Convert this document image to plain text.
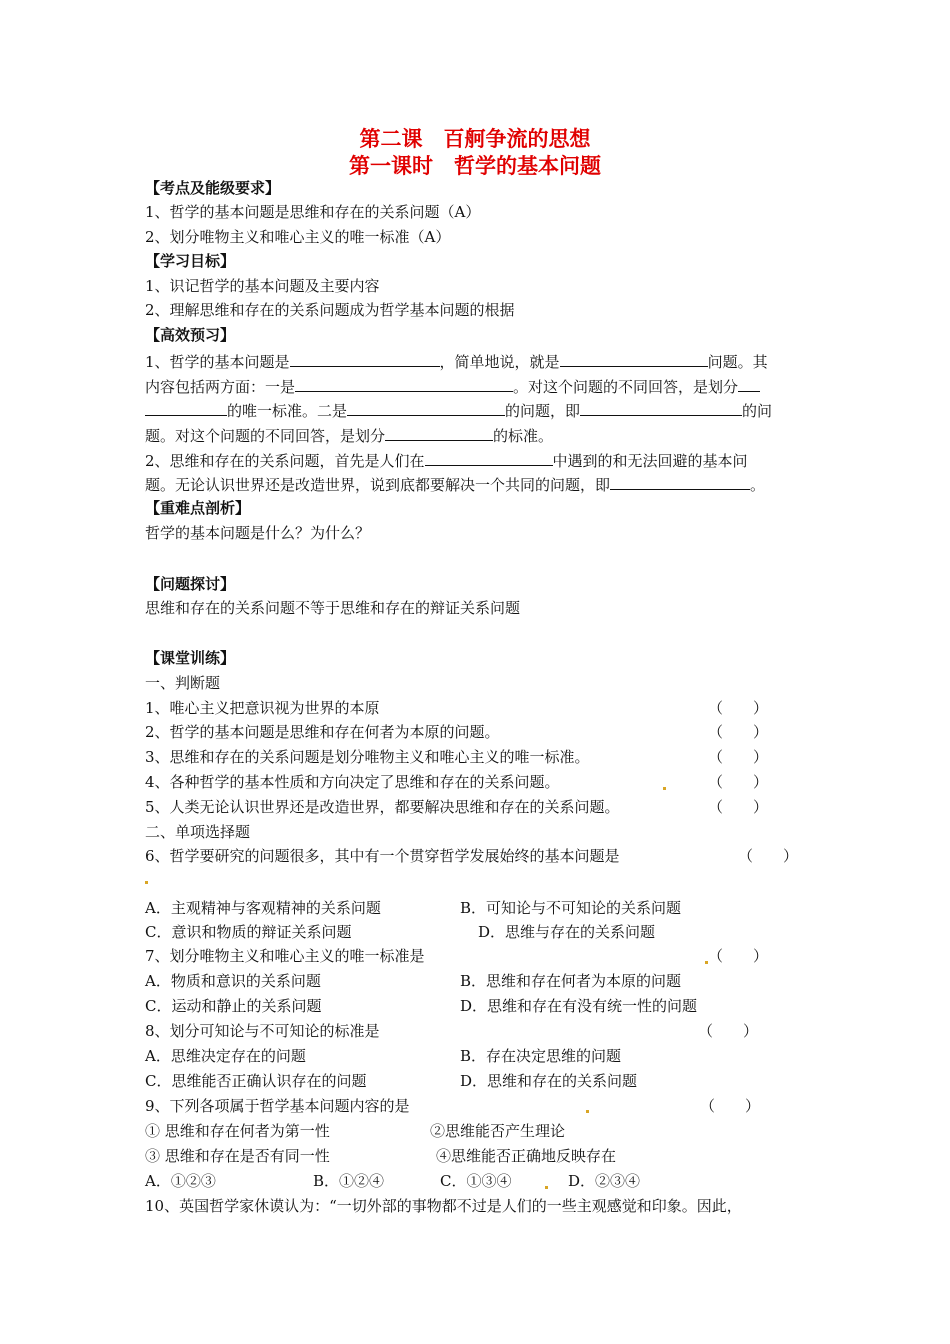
第二课　百舸争流的思想
第一课时　哲学的基本问题
【考点及能级要求】
1、哲学的基本问题是思维和存在的关系问题（A）
2、划分唯物主义和唯心主义的唯一标准（A）
【学习目标】
1、识记哲学的基本问题及主要内容
2、理解思维和存在的关系问题成为哲学基本问题的根据
【高效预习】
1、哲学的基本问题是	，简单地说，就是	问题。其
内容包括两方面：一是	。对这个问题的不同回答，是划分
的唯一标准。二是	的问题，即	的问
题。对这个问题的不同回答，是划分	的标准。
2、思维和存在的关系问题，首先是人们在	中遇到的和无法回避的基本问
题。无论认识世界还是改造世界，说到底都要解决一个共同的问题，即	。
【重难点剖析】
哲学的基本问题是什么？为什么？
【问题探讨】
思维和存在的关系问题不等于思维和存在的辩证关系问题
【课堂训练】
一、判断题
1、唯心主义把意识视为世界的本原	（　　）
2、哲学的基本问题是思维和存在何者为本原的问题。	（　　）
3、思维和存在的关系问题是划分唯物主义和唯心主义的唯一标准。	（　　）
4、各种哲学的基本性质和方向决定了思维和存在的关系问题。	（　　）
5、人类无论认识世界还是改造世界，都要解决思维和存在的关系问题。	（　　）
二、单项选择题
6、哲学要研究的问题很多，其中有一个贯穿哲学发展始终的基本问题是	（　　）
A．主观精神与客观精神的关系问题	B．可知论与不可知论的关系问题
C．意识和物质的辩证关系问题	D．思维与存在的关系问题
7、划分唯物主义和唯心主义的唯一标准是	（　　）
A．物质和意识的关系问题	B．思维和存在何者为本原的问题
C．运动和静止的关系问题	D．思维和存在有没有统一性的问题
8、划分可知论与不可知论的标准是	（　　）
A．思维决定存在的问题	B．存在决定思维的问题
C．思维能否正确认识存在的问题	D．思维和存在的关系问题
9、下列各项属于哲学基本问题内容的是	（　　）
① 思维和存在何者为第一性	②思维能否产生理论
③ 思维和存在是否有同一性	④思维能否正确地反映存在
A．①②③	B．①②④	C．①③④	D．②③④
10、英国哲学家休谟认为：“一切外部的事物都不过是人们的一些主观感觉和印象。因此，
